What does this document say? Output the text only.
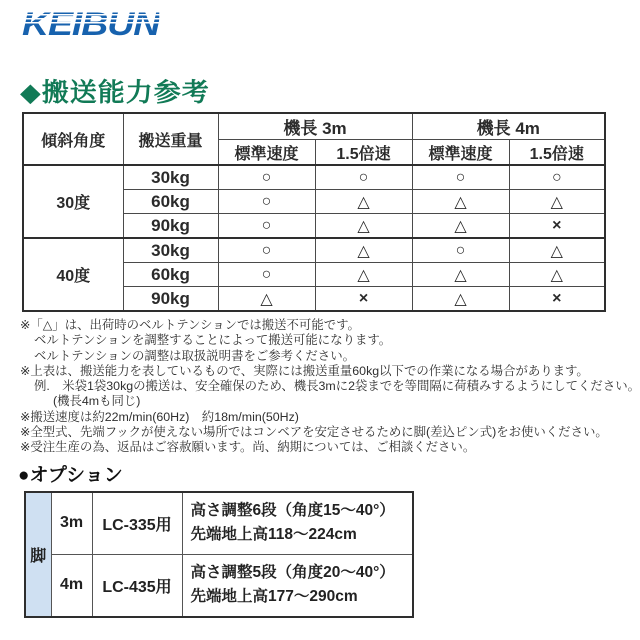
KEIBUN
◆搬送能力参考
傾斜角度	搬送重量	機長 3m		機長 4m	
		標準速度	1.5倍速	標準速度	1.5倍速
30度	30kg	○	○	○	○
	60kg	○	△	△	△
	90kg	○	△	△	×
40度	30kg	○	△	○	△
	60kg	○	△	△	△
	90kg	△	×	△	×
※「△」は、出荷時のベルトテンションでは搬送不可能です。
ベルトテンションを調整することによって搬送可能になります。
ベルトテンションの調整は取扱説明書をご参考ください。
※上表は、搬送能力を表しているもので、実際には搬送重量60kg以下での作業になる場合があります。
例.　米袋1袋30kgの搬送は、安全確保のため、機長3mに2袋までを等間隔に荷積みするようにしてください。
(機長4mも同じ)
※搬送速度は約22m/min(60Hz)　約18m/min(50Hz)
※全型式、先端フックが使えない場所ではコンベアを安定させるために脚(差込ピン式)をお使いください。
※受注生産の為、返品はご容赦願います。尚、納期については、ご相談ください。
●オプション
脚	3m	LC-335用	高さ調整6段（角度15～40°）
先端地上高118～224cm

	4m	LC-435用	高さ調整5段（角度20～40°）
先端地上高177～290cm
